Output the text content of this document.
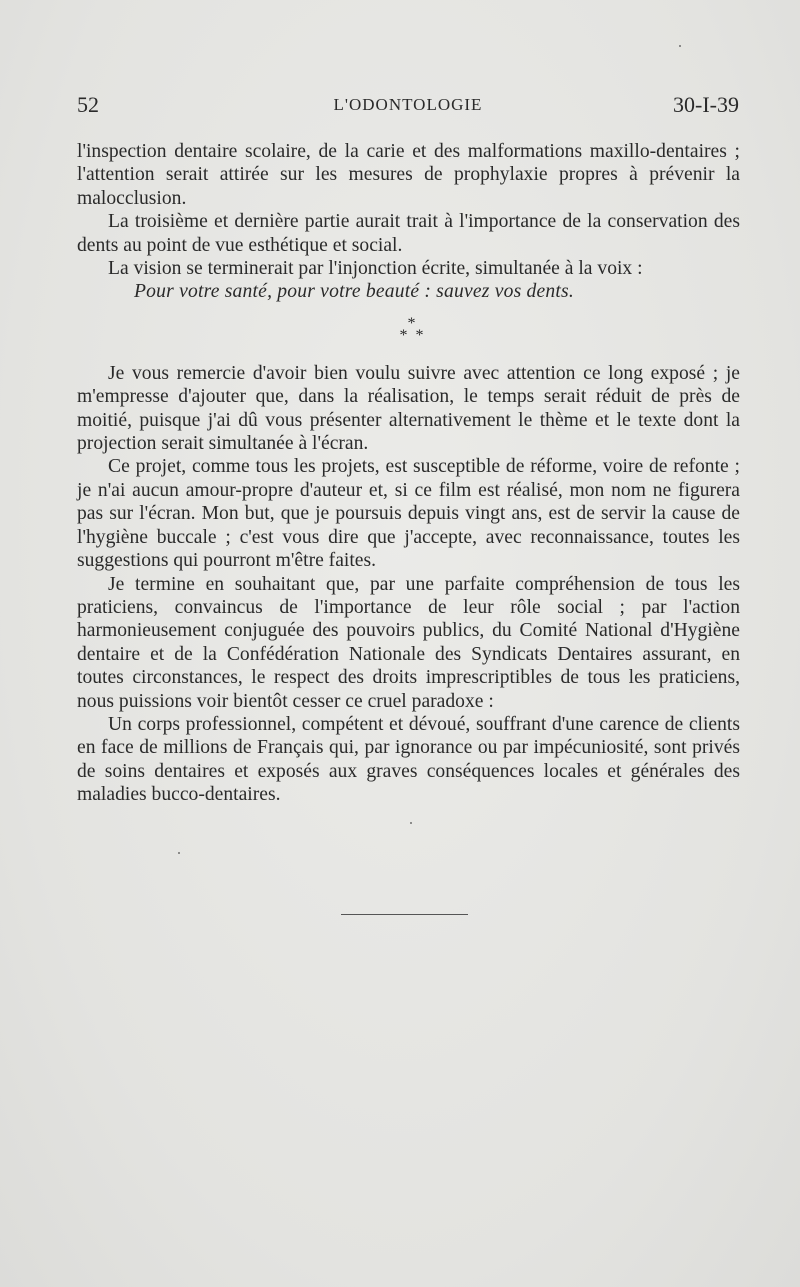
52	L'ODONTOLOGIE	30-I-39

l'inspection dentaire scolaire, de la carie et des malformations maxillo-dentaires ; l'attention serait attirée sur les mesures de prophylaxie propres à prévenir la malocclusion.

La troisième et dernière partie aurait trait à l'importance de la conservation des dents au point de vue esthétique et social.

La vision se terminerait par l'injonction écrite, simultanée à la voix :

Pour votre santé, pour votre beauté : sauvez vos dents.

*
**

Je vous remercie d'avoir bien voulu suivre avec attention ce long exposé ; je m'empresse d'ajouter que, dans la réalisation, le temps serait réduit de près de moitié, puisque j'ai dû vous présenter alternativement le thème et le texte dont la projection serait simultanée à l'écran.

Ce projet, comme tous les projets, est susceptible de réforme, voire de refonte ; je n'ai aucun amour-propre d'auteur et, si ce film est réalisé, mon nom ne figurera pas sur l'écran. Mon but, que je poursuis depuis vingt ans, est de servir la cause de l'hygiène buccale ; c'est vous dire que j'accepte, avec reconnaissance, toutes les suggestions qui pourront m'être faites.

Je termine en souhaitant que, par une parfaite compréhension de tous les praticiens, convaincus de l'importance de leur rôle social ; par l'action harmonieusement conjuguée des pouvoirs publics, du Comité National d'Hygiène dentaire et de la Confédération Nationale des Syndicats Dentaires assurant, en toutes circonstances, le respect des droits imprescriptibles de tous les praticiens, nous puissions voir bientôt cesser ce cruel paradoxe :

Un corps professionnel, compétent et dévoué, souffrant d'une carence de clients en face de millions de Français qui, par ignorance ou par impécuniosité, sont privés de soins dentaires et exposés aux graves conséquences locales et générales des maladies bucco-dentaires.
